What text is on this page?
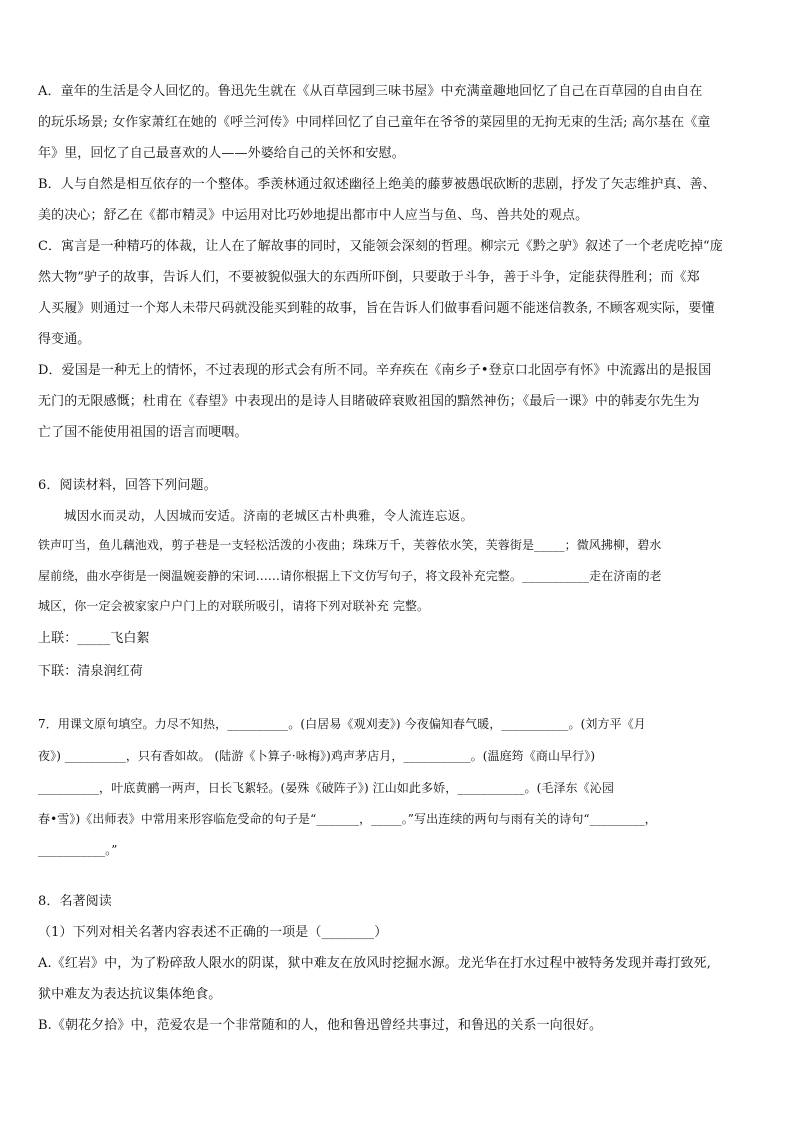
A．童年的生活是令人回忆的。鲁迅先生就在《从百草园到三味书屋》中充满童趣地回忆了自己在百草园的自由自在
的玩乐场景; 女作家萧红在她的《呼兰河传》中同样回忆了自己童年在爷爷的菜园里的无拘无束的生活; 高尔基在《童
年》里，回忆了自己最喜欢的人——外婆给自己的关怀和安慰。
B．人与自然是相互依存的一个整体。季羡林通过叙述幽径上绝美的藤萝被愚氓砍断的悲剧，抒发了矢志维护真、善、
美的决心；舒乙在《都市精灵》中运用对比巧妙地提出都市中人应当与鱼、鸟、兽共处的观点。
C．寓言是一种精巧的体裁，让人在了解故事的同时，又能领会深刻的哲理。柳宗元《黔之驴》叙述了一个老虎吃掉“庞
然大物”驴子的故事，告诉人们，不要被貌似强大的东西所吓倒，只要敢于斗争，善于斗争，定能获得胜利；而《郑
人买履》则通过一个郑人未带尺码就没能买到鞋的故事，旨在告诉人们做事看问题不能迷信教条, 不顾客观实际，要懂
得变通。
D．爱国是一种无上的情怀，不过表现的形式会有所不同。辛弃疾在《南乡子•登京口北固亭有怀》中流露出的是报国
无门的无限感慨；杜甫在《春望》中表现出的是诗人目睹破碎衰败祖国的黯然神伤；《最后一课》中的韩麦尔先生为
亡了国不能使用祖国的语言而哽咽。
6．阅读材料，回答下列问题。
城因水而灵动，人因城而安适。济南的老城区古朴典雅，令人流连忘返。
铁声叮当，鱼儿藕池戏，剪子巷是一支轻松活泼的小夜曲；珠珠万千，芙蓉依水笑，芙蓉街是_____；微风拂柳，碧水
屋前绕，曲水亭街是一阕温婉妾静的宋词……请你根据上下文仿写句子，将文段补充完整。___________走在济南的老
城区，你一定会被家家户户门上的对联所吸引，请将下列对联补充 完整。
上联：_____飞白絮
下联：清泉润红荷
7．用课文原句填空。力尽不知热，__________。(白居易《观刈麦》) 今夜偏知春气暖，___________。(刘方平《月
夜》) __________，只有香如故。 (陆游《卜算子·咏梅》)鸡声茅店月，___________。(温庭筠《商山早行》)
__________，叶底黄鹂一两声，日长飞絮轻。(晏殊《破阵子》) 江山如此多娇，___________。(毛泽东《沁园
春•雪》)《出师表》中常用来形容临危受命的句子是“_______，_____。”写出连续的两句与雨有关的诗句“_________，
___________。”
8．名著阅读
（1）下列对相关名著内容表述不正确的一项是（________）
A.《红岩》中，为了粉碎敌人限水的阴谋，狱中难友在放风时挖掘水源。龙光华在打水过程中被特务发现并毒打致死,
狱中难友为表达抗议集体绝食。
B.《朝花夕拾》中，范爱农是一个非常随和的人，他和鲁迅曾经共事过，和鲁迅的关系一向很好。
